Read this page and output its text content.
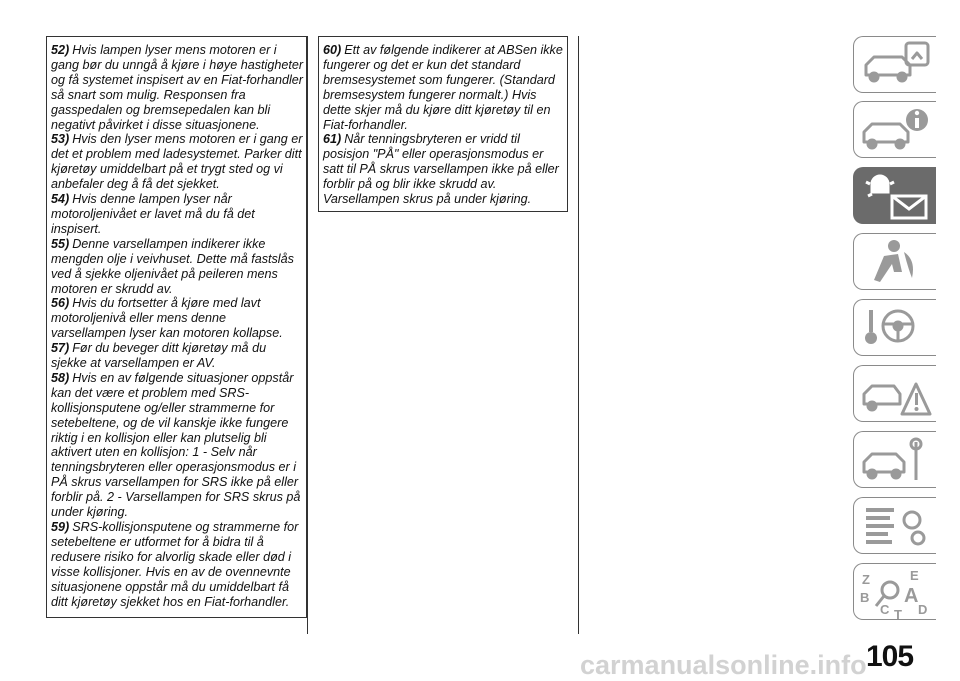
52) Hvis lampen lyser mens motoren er i gang bør du unngå å kjøre i høye hastigheter og få systemet inspisert av en Fiat-forhandler så snart som mulig. Responsen fra gasspedalen og bremsepedalen kan bli negativt påvirket i disse situasjonene.

53) Hvis den lyser mens motoren er i gang er det et problem med ladesystemet. Parker ditt kjøretøy umiddelbart på et trygt sted og vi anbefaler deg å få det sjekket.

54) Hvis denne lampen lyser når motoroljenivået er lavet må du få det inspisert.

55) Denne varsellampen indikerer ikke mengden olje i veivhuset. Dette må fastslås ved å sjekke oljenivået på peileren mens motoren er skrudd av.

56) Hvis du fortsetter å kjøre med lavt motoroljenivå eller mens denne varsellampen lyser kan motoren kollapse.

57) Før du beveger ditt kjøretøy må du sjekke at varsellampen er AV.

58) Hvis en av følgende situasjoner oppstår kan det være et problem med SRS-kollisjonsputene og/eller strammerne for setebeltene, og de vil kanskje ikke fungere riktig i en kollisjon eller kan plutselig bli aktivert uten en kollisjon: 1 - Selv når tenningsbryteren eller operasjonsmodus er i PÅ skrus varsellampen for SRS ikke på eller forblir på. 2 - Varsellampen for SRS skrus på under kjøring.

59) SRS-kollisjonsputene og strammerne for setebeltene er utformet for å bidra til å redusere risiko for alvorlig skade eller død i visse kollisjoner. Hvis en av de ovennevnte situasjonene oppstår må du umiddelbart få ditt kjøretøy sjekket hos en Fiat-forhandler.

60) Ett av følgende indikerer at ABSen ikke fungerer og det er kun det standard bremsesystemet som fungerer. (Standard bremsesystem fungerer normalt.) Hvis dette skjer må du kjøre ditt kjøretøy til en Fiat-forhandler.

61) Når tenningsbryteren er vridd til posisjon "PÅ" eller operasjonsmodus er satt til PÅ skrus varsellampen ikke på eller forblir på og blir ikke skrudd av. Varsellampen skrus på under kjøring.

Z	E
B A
C D
T
carmanualsonline.info 105
